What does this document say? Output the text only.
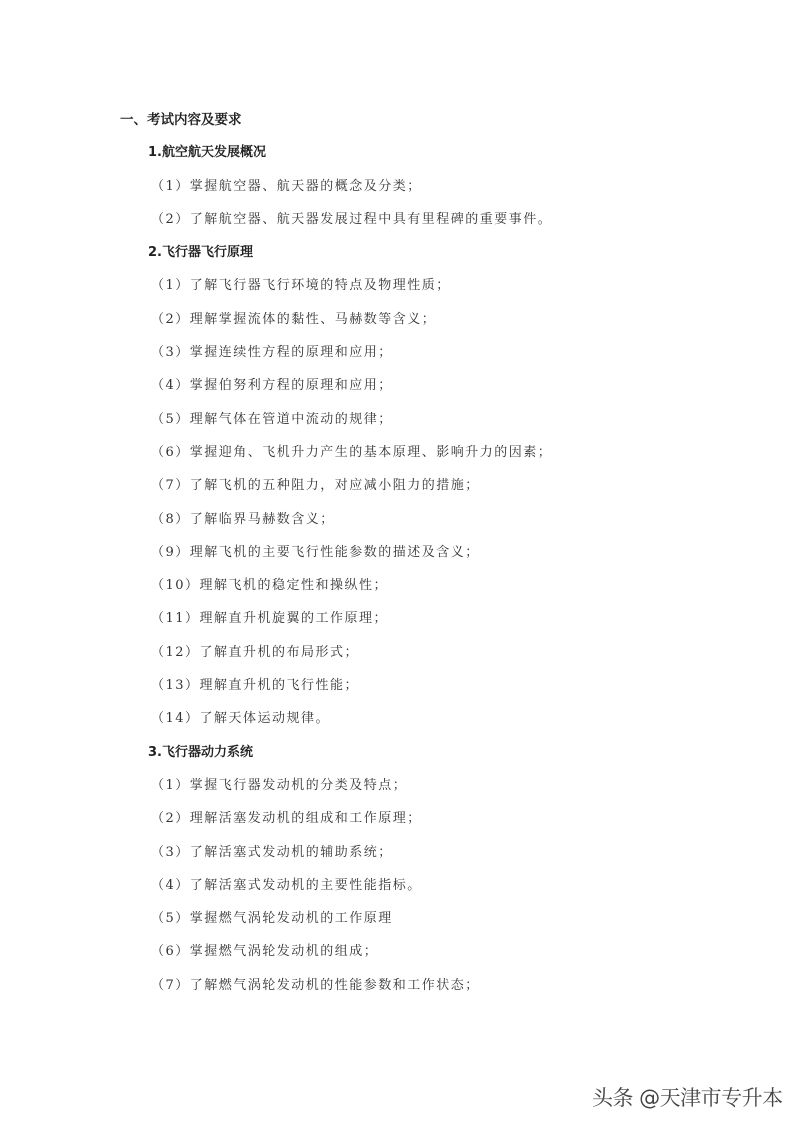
一、考试内容及要求
1.航空航天发展概况
（1）掌握航空器、航天器的概念及分类；
（2）了解航空器、航天器发展过程中具有里程碑的重要事件。
2.飞行器飞行原理
（1）了解飞行器飞行环境的特点及物理性质；
（2）理解掌握流体的黏性、马赫数等含义；
（3）掌握连续性方程的原理和应用；
（4）掌握伯努利方程的原理和应用；
（5）理解气体在管道中流动的规律；
（6）掌握迎角、飞机升力产生的基本原理、影响升力的因素；
（7）了解飞机的五种阻力，对应减小阻力的措施；
（8）了解临界马赫数含义；
（9）理解飞机的主要飞行性能参数的描述及含义；
（10）理解飞机的稳定性和操纵性；
（11）理解直升机旋翼的工作原理；
（12）了解直升机的布局形式；
（13）理解直升机的飞行性能；
（14）了解天体运动规律。
3.飞行器动力系统
（1）掌握飞行器发动机的分类及特点；
（2）理解活塞发动机的组成和工作原理；
（3）了解活塞式发动机的辅助系统；
（4）了解活塞式发动机的主要性能指标。
（5）掌握燃气涡轮发动机的工作原理
（6）掌握燃气涡轮发动机的组成；
（7）了解燃气涡轮发动机的性能参数和工作状态；
头条 @天津市专升本
